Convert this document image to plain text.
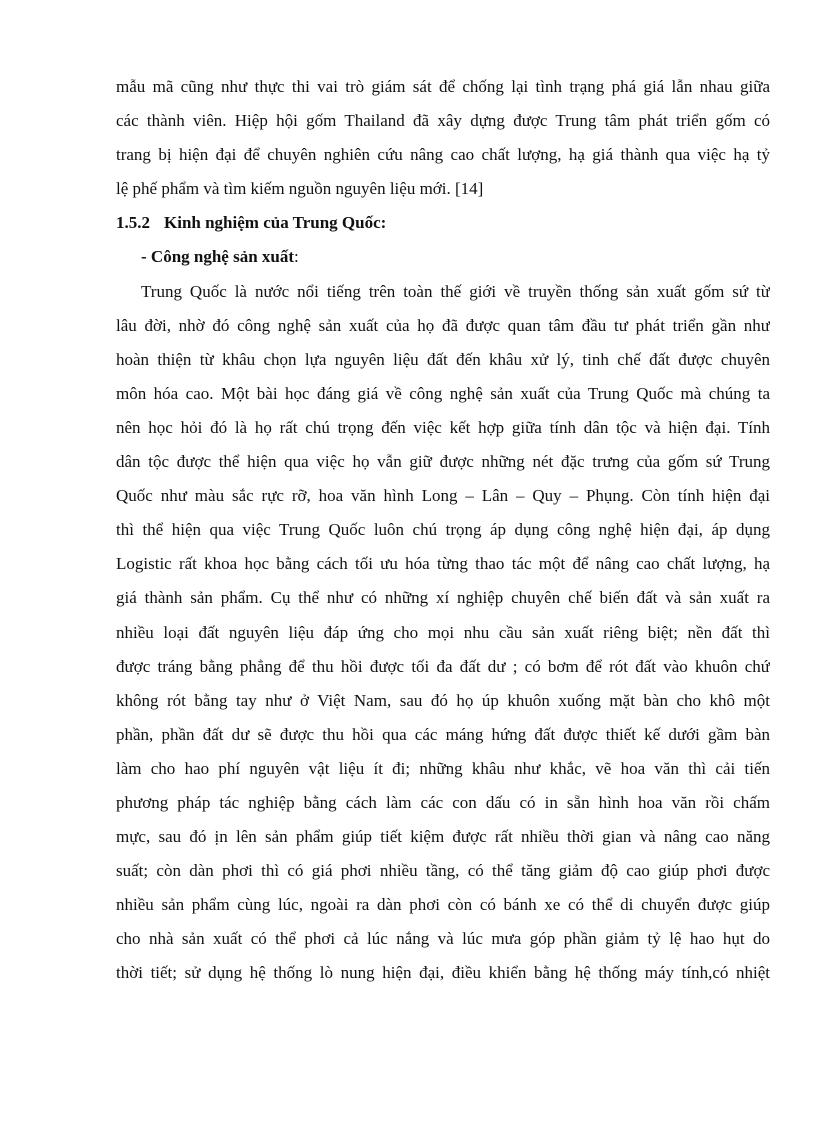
mẫu mã cũng như thực thi vai trò giám sát để chống lại tình trạng phá giá lẫn nhau giữa
các thành viên. Hiệp hội gốm Thailand đã xây dựng được Trung tâm phát triển gốm có
trang bị hiện đại để chuyên nghiên cứu nâng cao chất lượng, hạ giá thành qua việc hạ tỷ
lệ phế phẩm và tìm kiếm nguồn nguyên liệu mới. [14]
1.5.2 Kinh nghiệm của Trung Quốc:
- Công nghệ sản xuất:
Trung Quốc là nước nổi tiếng trên toàn thế giới về truyền thống sản xuất gốm sứ từ
lâu đời, nhờ đó công nghệ sản xuất của họ đã được quan tâm đầu tư phát triển gần như
hoàn thiện từ khâu chọn lựa nguyên liệu đất đến khâu xử lý, tinh chế đất được chuyên
môn hóa cao. Một bài học đáng giá về công nghệ sản xuất của Trung Quốc mà chúng ta
nên học hỏi đó là họ rất chú trọng đến việc kết hợp giữa tính dân tộc và hiện đại. Tính
dân tộc được thể hiện qua việc họ vẫn giữ được những nét đặc trưng của gốm sứ Trung
Quốc như màu sắc rực rỡ, hoa văn hình Long – Lân – Quy – Phụng. Còn tính hiện đại
thì thể hiện qua việc Trung Quốc luôn chú trọng áp dụng công nghệ hiện đại, áp dụng
Logistic rất khoa học bằng cách tối ưu hóa từng thao tác một để nâng cao chất lượng, hạ
giá thành sản phẩm. Cụ thể như có những xí nghiệp chuyên chế biến đất và sản xuất ra
nhiều loại đất nguyên liệu đáp ứng cho mọi nhu cầu sản xuất riêng biệt; nền đất thì
được tráng bằng phẳng để thu hồi được tối đa đất dư ; có bơm để rót đất vào khuôn chứ
không rót bằng tay như ở Việt Nam, sau đó họ úp khuôn xuống mặt bàn cho khô một
phần, phần đất dư sẽ được thu hồi qua các máng hứng đất được thiết kế dưới gầm bàn
làm cho hao phí nguyên vật liệu ít đi; những khâu như khắc, vẽ hoa văn thì cải tiến
phương pháp tác nghiệp bằng cách làm các con dấu có in sẵn hình hoa văn rồi chấm
mực, sau đó ịn lên sản phẩm giúp tiết kiệm được rất nhiều thời gian và nâng cao năng
suất; còn dàn phơi thì có giá phơi nhiều tầng, có thể tăng giảm độ cao giúp phơi được
nhiều sản phẩm cùng lúc, ngoài ra dàn phơi còn có bánh xe có thể di chuyển được giúp
cho nhà sản xuất có thể phơi cả lúc nắng và lúc mưa góp phần giảm tỷ lệ hao hụt do
thời tiết; sử dụng hệ thống lò nung hiện đại, điều khiển bằng hệ thống máy tính,có nhiệt
